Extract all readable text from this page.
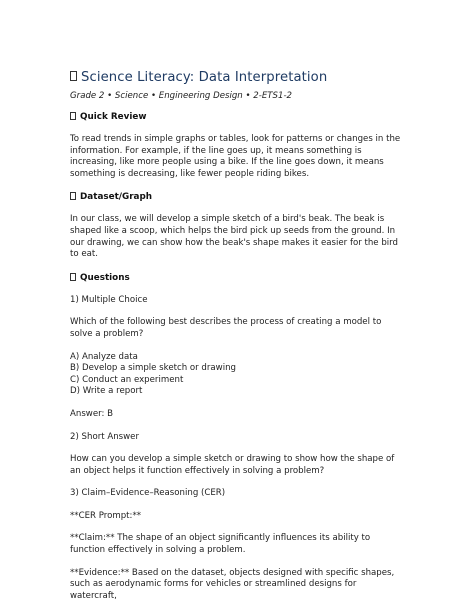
Science Literacy: Data Interpretation
Grade 2 • Science • Engineering Design • 2-ETS1-2
Quick Review
To read trends in simple graphs or tables, look for patterns or changes in the information. For example, if the line goes up, it means something is increasing, like more people using a bike. If the line goes down, it means something is decreasing, like fewer people riding bikes.
Dataset/Graph
In our class, we will develop a simple sketch of a bird's beak. The beak is shaped like a scoop, which helps the bird pick up seeds from the ground. In our drawing, we can show how the beak's shape makes it easier for the bird to eat.
Questions
1) Multiple Choice
Which of the following best describes the process of creating a model to solve a problem?
A) Analyze data
B) Develop a simple sketch or drawing
C) Conduct an experiment
D) Write a report
Answer: B
2) Short Answer
How can you develop a simple sketch or drawing to show how the shape of an object helps it function effectively in solving a problem?
3) Claim–Evidence–Reasoning (CER)
**CER Prompt:**
**Claim:** The shape of an object significantly influences its ability to function effectively in solving a problem.
**Evidence:** Based on the dataset, objects designed with specific shapes, such as aerodynamic forms for vehicles or streamlined designs for watercraft,
